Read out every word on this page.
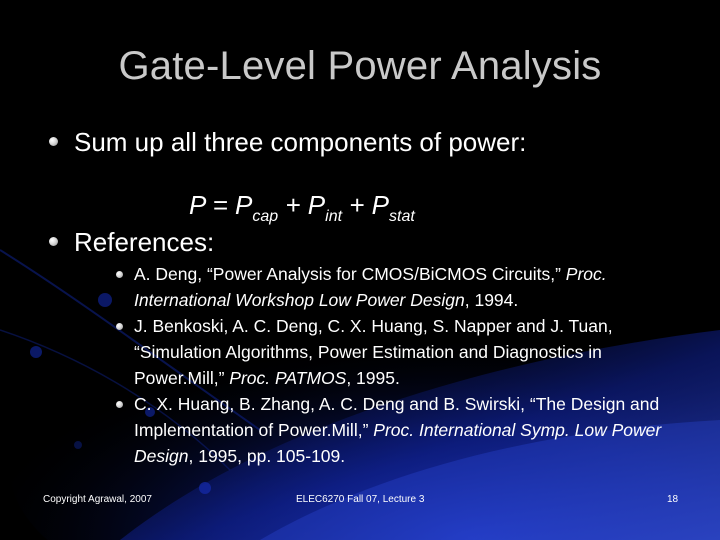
Gate-Level Power Analysis
Sum up all three components of power:
$P = P_{cap} + P_{int} + P_{stat}$
References:
A. Deng, “Power Analysis for CMOS/BiCMOS Circuits,” Proc. International Workshop Low Power Design, 1994.
J. Benkoski, A. C. Deng, C. X. Huang, S. Napper and J. Tuan, “Simulation Algorithms, Power Estimation and Diagnostics in Power.Mill,” Proc. PATMOS, 1995.
C. X. Huang, B. Zhang, A. C. Deng and B. Swirski, “The Design and Implementation of Power.Mill,” Proc. International Symp. Low Power Design, 1995, pp. 105-109.
Copyright Agrawal, 2007	ELEC6270 Fall 07, Lecture 3	18
